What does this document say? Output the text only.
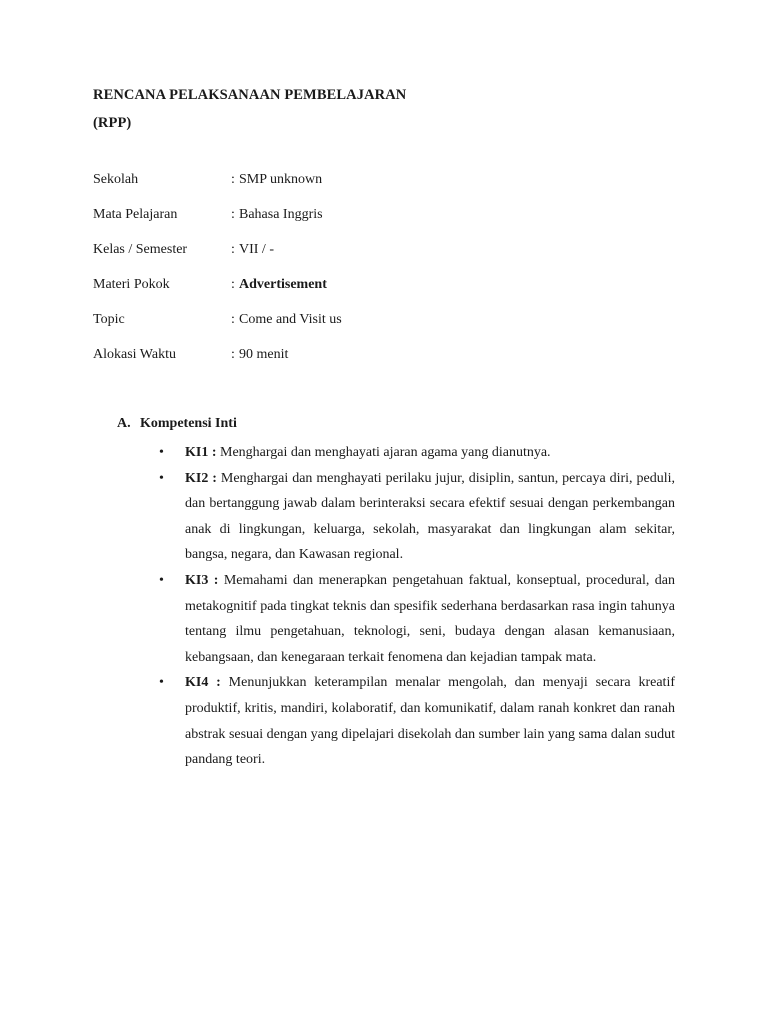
RENCANA PELAKSANAAN PEMBELAJARAN
(RPP)
Sekolah	: SMP unknown
Mata Pelajaran	: Bahasa Inggris
Kelas / Semester	: VII / -
Materi Pokok	: Advertisement
Topic	: Come and Visit us
Alokasi Waktu	: 90 menit
A. Kompetensi Inti
• KI1 : Menghargai dan menghayati ajaran agama yang dianutnya.
• KI2 : Menghargai dan menghayati perilaku jujur, disiplin, santun, percaya diri, peduli, dan bertanggung jawab dalam berinteraksi secara efektif sesuai dengan perkembangan anak di lingkungan, keluarga, sekolah, masyarakat dan lingkungan alam sekitar, bangsa, negara, dan Kawasan regional.
• KI3 : Memahami dan menerapkan pengetahuan faktual, konseptual, procedural, dan metakognitif pada tingkat teknis dan spesifik sederhana berdasarkan rasa ingin tahunya tentang ilmu pengetahuan, teknologi, seni, budaya dengan alasan kemanusiaan, kebangsaan, dan kenegaraan terkait fenomena dan kejadian tampak mata.
• KI4 : Menunjukkan keterampilan menalar mengolah, dan menyaji secara kreatif produktif, kritis, mandiri, kolaboratif, dan komunikatif, dalam ranah konkret dan ranah abstrak sesuai dengan yang dipelajari disekolah dan sumber lain yang sama dalan sudut pandang teori.
